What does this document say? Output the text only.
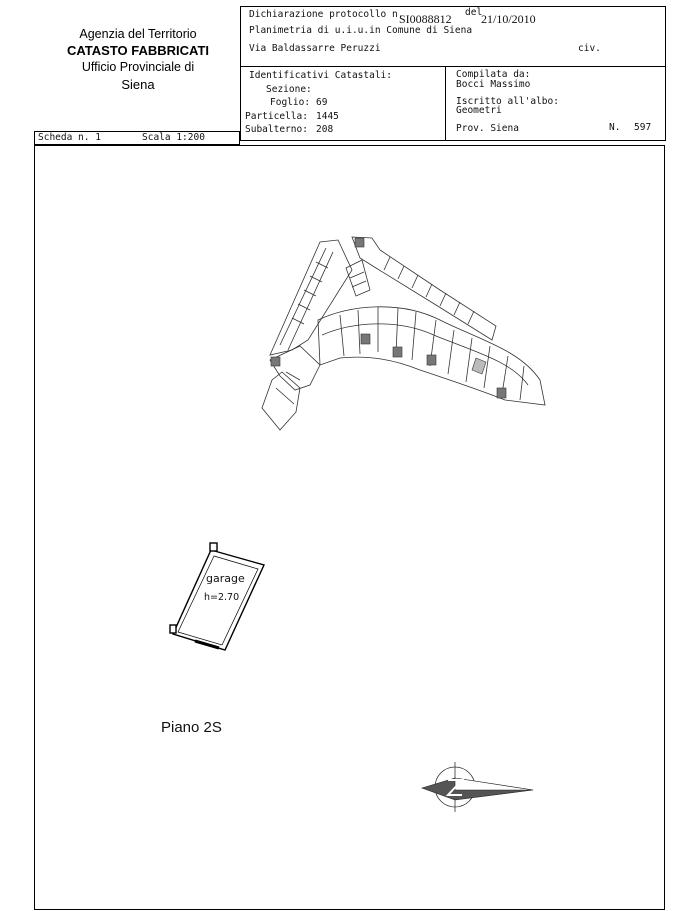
Agenzia del Territorio
CATASTO FABBRICATI
Ufficio Provinciale di
Siena
Dichiarazione protocollo n.
SI0088812 del
21/10/2010
Planimetria di u.i.u.in Comune di Siena
Via Baldassarre Peruzzi	civ.
Identificativi Catastali:
Sezione:
Foglio: 69
Particella: 1445
Subalterno: 208
Compilata da:
Bocci Massimo
Iscritto all'albo:
Geometri
Prov. Siena	N. 597
Scheda n. 1	Scala 1:200
garage
h=2.70
Piano 2S
